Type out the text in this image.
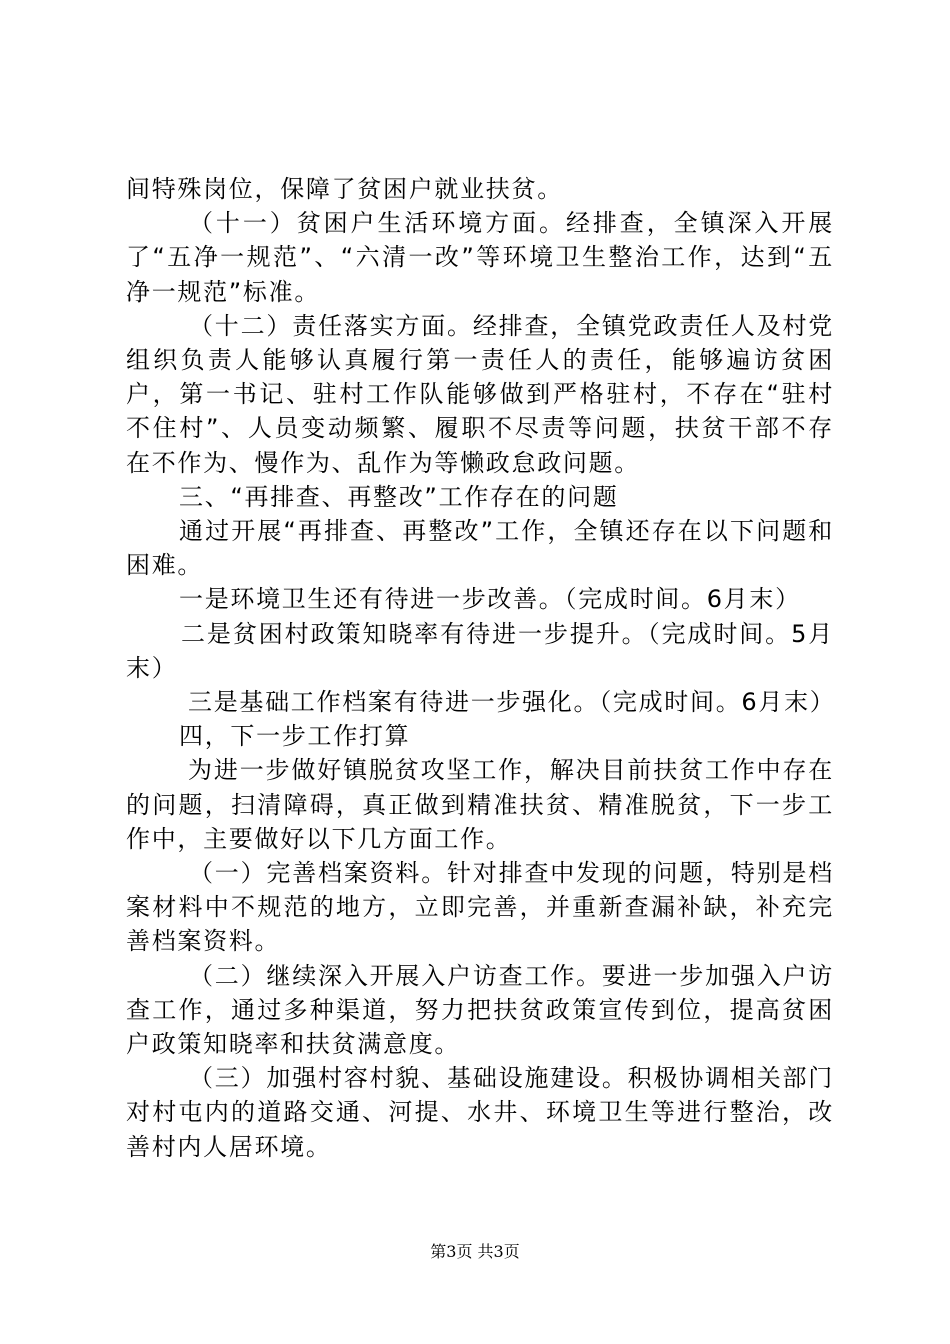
间特殊岗位，保障了贫困户就业扶贫。

（十一）贫困户生活环境方面。经排查，全镇深入开展了“五净一规范”、“六清一改”等环境卫生整治工作，达到“五净一规范”标准。

（十二）责任落实方面。经排查，全镇党政责任人及村党组织负责人能够认真履行第一责任人的责任，能够遍访贫困户，第一书记、驻村工作队能够做到严格驻村，不存在“驻村不住村”、人员变动频繁、履职不尽责等问题，扶贫干部不存在不作为、慢作为、乱作为等懒政怠政问题。

三、“再排查、再整改”工作存在的问题

通过开展“再排查、再整改”工作，全镇还存在以下问题和困难。

一是环境卫生还有待进一步改善。（完成时间。6月末）

二是贫困村政策知晓率有待进一步提升。（完成时间。5月末）

三是基础工作档案有待进一步强化。（完成时间。6月末）

四，下一步工作打算

为进一步做好镇脱贫攻坚工作，解决目前扶贫工作中存在的问题，扫清障碍，真正做到精准扶贫、精准脱贫，下一步工作中，主要做好以下几方面工作。

（一）完善档案资料。针对排查中发现的问题，特别是档案材料中不规范的地方，立即完善，并重新查漏补缺，补充完善档案资料。

（二）继续深入开展入户访查工作。要进一步加强入户访查工作，通过多种渠道，努力把扶贫政策宣传到位，提高贫困户政策知晓率和扶贫满意度。

（三）加强村容村貌、基础设施建设。积极协调相关部门对村屯内的道路交通、河提、水井、环境卫生等进行整治，改善村内人居环境。

第3页 共3页
